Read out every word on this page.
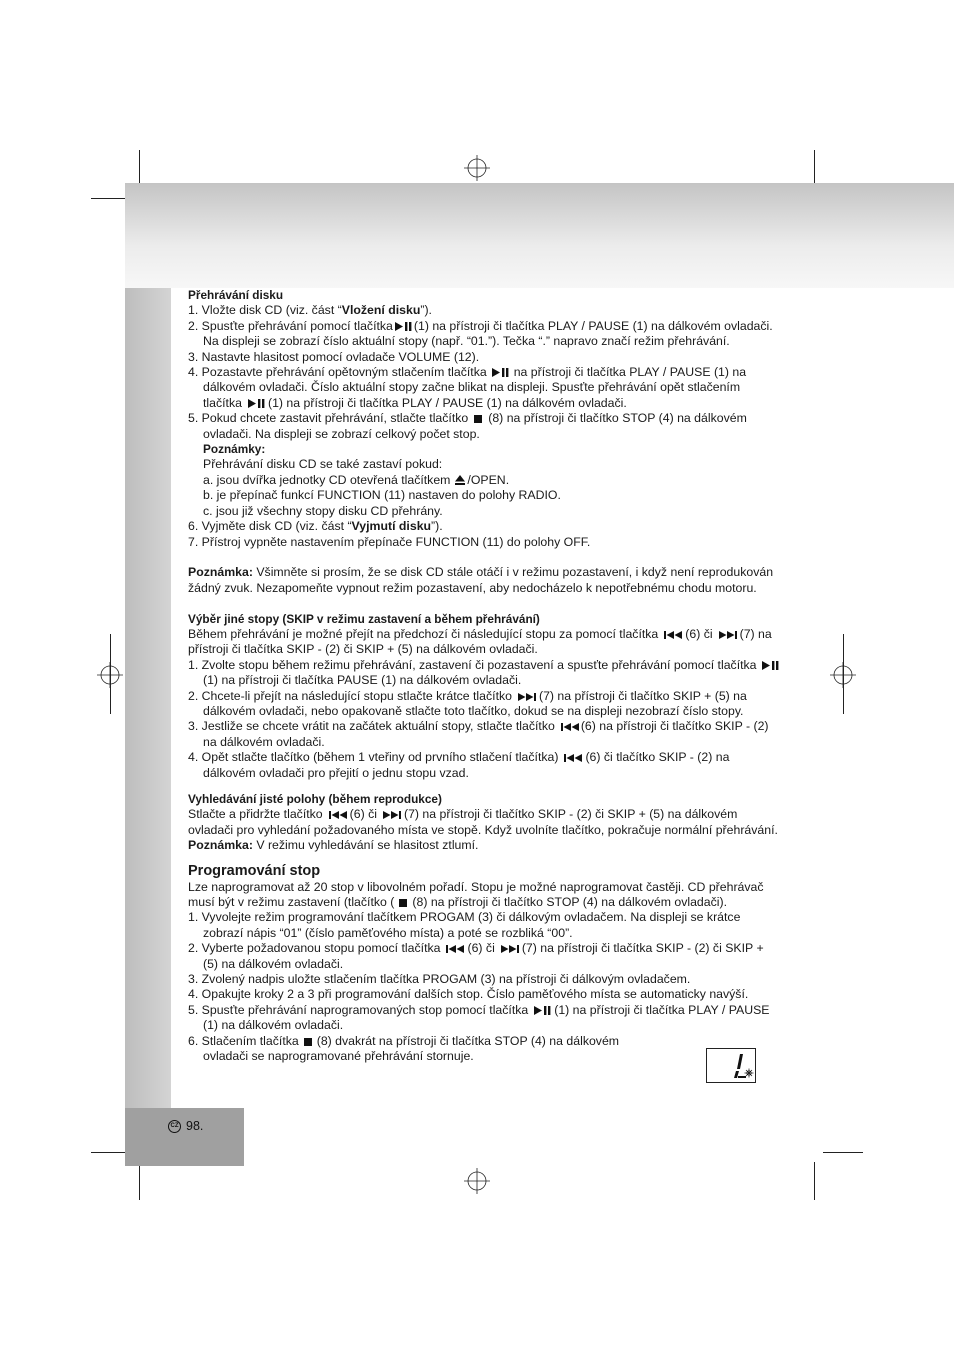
CZ 98.

Přehrávání disku

1. Vložte disk CD (viz. část “Vložení disku”).

2. Spusťte přehrávání pomocí tlačítka (1) na přístroji či tlačítka PLAY / PAUSE (1) na dálkovém ovladači.
Na displeji se zobrazí číslo aktuální stopy (např. “01.”). Tečka “.” napravo značí režim přehrávání.

3. Nastavte hlasitost pomocí ovladače VOLUME (12).

4. Pozastavte přehrávání opětovným stlačením tlačítka na přístroji či tlačítka PLAY / PAUSE (1) na
dálkovém ovladači. Číslo aktuální stopy začne blikat na displeji. Spusťte přehrávání opět stlačením
tlačítka (1) na přístroji či tlačítka PLAY / PAUSE (1) na dálkovém ovladači.

5. Pokud chcete zastavit přehrávání, stlačte tlačítko (8) na přístroji či tlačítko STOP (4) na dálkovém
ovladači. Na displeji se zobrazí celkový počet stop.

Poznámky:

Přehrávání disku CD se také zastaví pokud:

a. jsou dvířka jednotky CD otevřená tlačítkem /OPEN.

b. je přepínač funkcí FUNCTION (11) nastaven do polohy RADIO.

c. jsou již všechny stopy disku CD přehrány.

6. Vyjměte disk CD (viz. část “Vyjmutí disku”).

7. Přístroj vypněte nastavením přepínače FUNCTION (11) do polohy OFF.

Poznámka: Všimněte si prosím, že se disk CD stále otáčí i v režimu pozastavení, i když není reprodukován
žádný zvuk. Nezapomeňte vypnout režim pozastavení, aby nedocházelo k nepotřebnému chodu motoru.

Výběr jiné stopy (SKIP v režimu zastavení a během přehrávání)

Během přehrávání je možné přejít na předchozí či následující stopu za pomocí tlačítka (6) či (7) na
přístroji či tlačítka SKIP - (2) či SKIP + (5) na dálkovém ovladači.

1. Zvolte stopu během režimu přehrávání, zastavení či pozastavení a spusťte přehrávání pomocí tlačítka

(1) na přístroji či tlačítka PAUSE (1) na dálkovém ovladači.

2. Chcete-li přejít na následující stopu stlačte krátce tlačítko (7) na přístroji či tlačítko SKIP + (5) na
dálkovém ovladači, nebo opakovaně stlačte toto tlačítko, dokud se na displeji nezobrazí číslo stopy.

3. Jestliže se chcete vrátit na začátek aktuální stopy, stlačte tlačítko (6) na přístroji či tlačítko SKIP - (2)
na dálkovém ovladači.

4. Opět stlačte tlačítko (během 1 vteřiny od prvního stlačení tlačítka) (6) či tlačítko SKIP - (2) na
dálkovém ovladači pro přejití o jednu stopu vzad.

Vyhledávání jisté polohy (během reprodukce)

Stlačte a přidržte tlačítko (6) či (7) na přístroji či tlačítko SKIP - (2) či SKIP + (5) na dálkovém
ovladači pro vyhledání požadovaného místa ve stopě. Když uvolníte tlačítko, pokračuje normální přehrávání.
Poznámka: V režimu vyhledávání se hlasitost ztlumí.

Programování stop

Lze naprogramovat až 20 stop v libovolném pořadí. Stopu je možné naprogramovat častěji. CD přehrávač
musí být v režimu zastavení (tlačítko ( (8) na přístroji či tlačítko STOP (4) na dálkovém ovladači).

1. Vyvolejte režim programování tlačítkem PROGAM (3) či dálkovým ovladačem. Na displeji se krátce
zobrazí nápis “01” (číslo paměťového místa) a poté se rozbliká “00”.

2. Vyberte požadovanou stopu pomocí tlačítka (6) či (7) na přístroji či tlačítka SKIP - (2) či SKIP +
(5) na dálkovém ovladači.

3. Zvolený nadpis uložte stlačením tlačítka PROGAM (3) na přístroji či dálkovým ovladačem.

4. Opakujte kroky 2 a 3 při programování dalších stop. Číslo paměťového místa se automaticky navýší.

5. Spusťte přehrávání naprogramovaných stop pomocí tlačítka (1) na přístroji či tlačítka PLAY / PAUSE
(1) na dálkovém ovladači.

6. Stlačením tlačítka (8) dvakrát na přístroji či tlačítka STOP (4) na dálkovém
ovladači se naprogramované přehrávání stornuje.
